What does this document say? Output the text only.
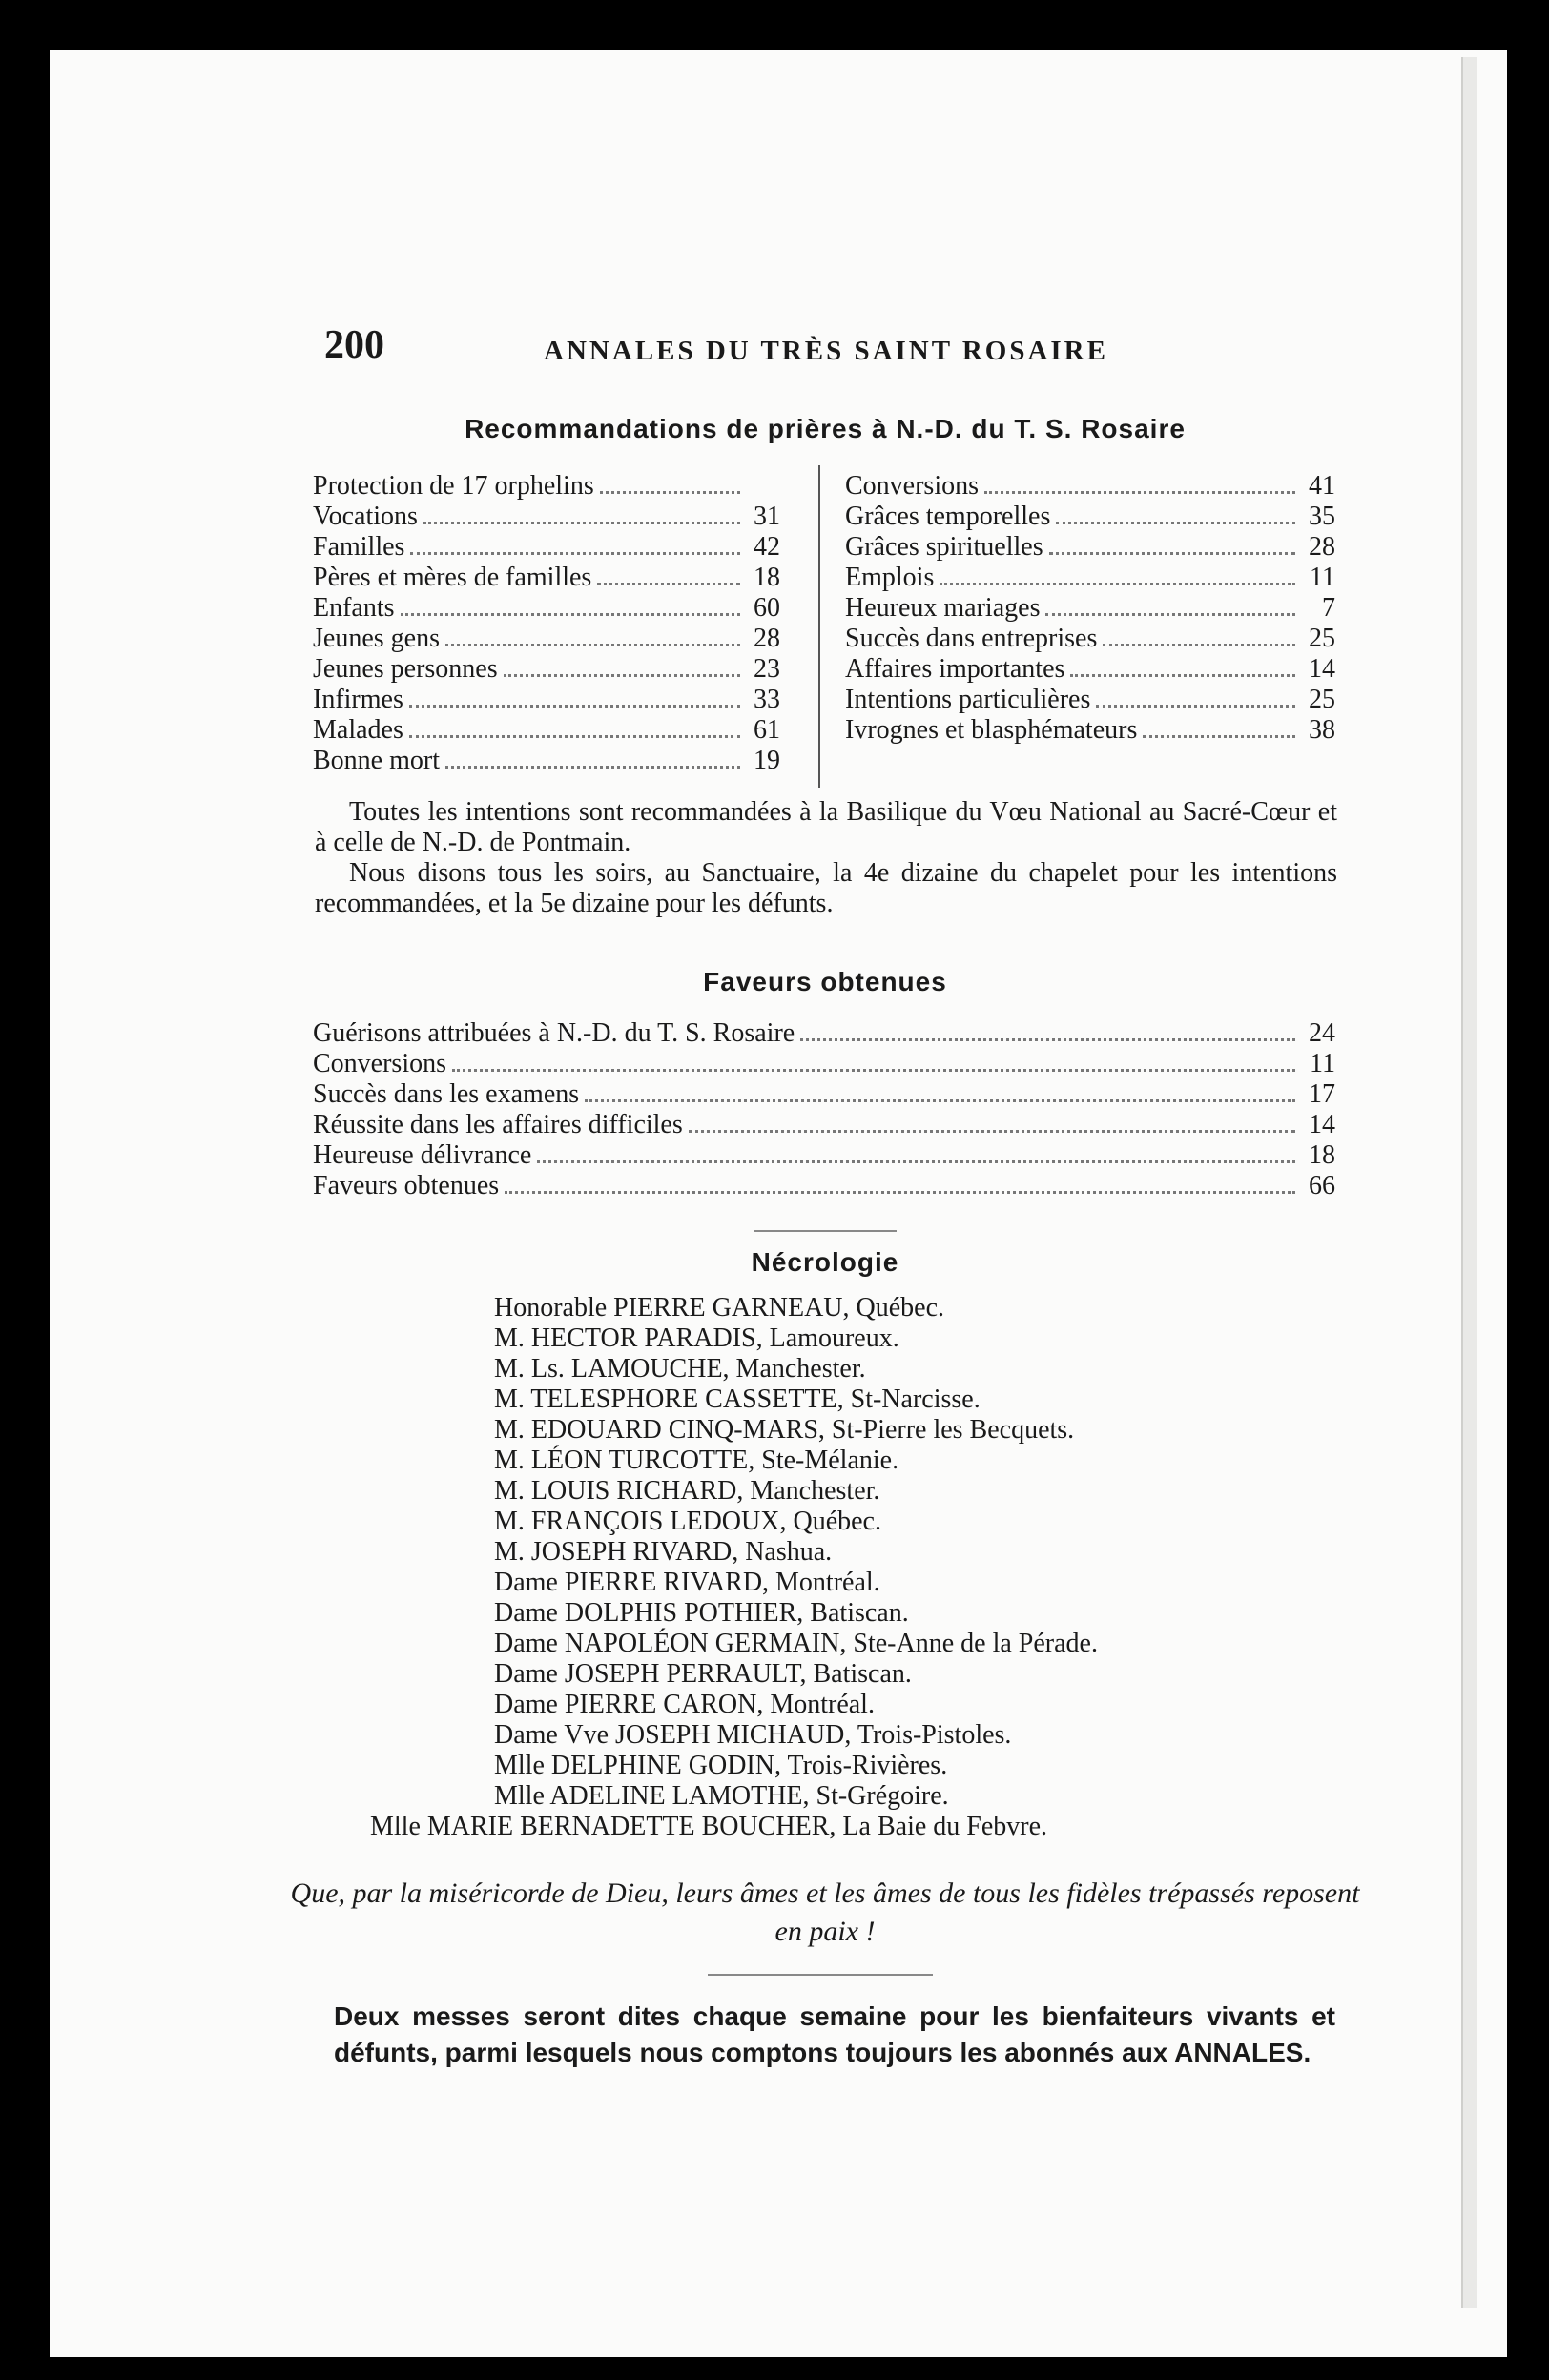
200	ANNALES DU TRÈS SAINT ROSAIRE
Recommandations de prières à N.-D. du T. S. Rosaire
Protection de 17 orphelins
Vocations	31
Familles	42
Pères et mères de familles	18
Enfants	60
Jeunes gens	28
Jeunes personnes	23
Infirmes	33
Malades	61
Bonne mort	19
Conversions	41
Grâces temporelles	35
Grâces spirituelles	28
Emplois	11
Heureux mariages	7
Succès dans entreprises	25
Affaires importantes	14
Intentions particulières	25
Ivrognes et blasphémateurs	38
Toutes les intentions sont recommandées à la Basilique du Vœu National au Sacré-Cœur et à celle de N.-D. de Pontmain.
Nous disons tous les soirs, au Sanctuaire, la 4e dizaine du chapelet pour les intentions recommandées, et la 5e dizaine pour les défunts.
Faveurs obtenues
Guérisons attribuées à N.-D. du T. S. Rosaire	24
Conversions	11
Succès dans les examens	17
Réussite dans les affaires difficiles	14
Heureuse délivrance	18
Faveurs obtenues	66
Nécrologie
Honorable PIERRE GARNEAU, Québec.
M. HECTOR PARADIS, Lamoureux.
M. Ls. LAMOUCHE, Manchester.
M. TELESPHORE CASSETTE, St-Narcisse.
M. EDOUARD CINQ-MARS, St-Pierre les Becquets.
M. LÉON TURCOTTE, Ste-Mélanie.
M. LOUIS RICHARD, Manchester.
M. FRANÇOIS LEDOUX, Québec.
M. JOSEPH RIVARD, Nashua.
Dame PIERRE RIVARD, Montréal.
Dame DOLPHIS POTHIER, Batiscan.
Dame NAPOLÉON GERMAIN, Ste-Anne de la Pérade.
Dame JOSEPH PERRAULT, Batiscan.
Dame PIERRE CARON, Montréal.
Dame Vve JOSEPH MICHAUD, Trois-Pistoles.
Mlle DELPHINE GODIN, Trois-Rivières.
Mlle ADELINE LAMOTHE, St-Grégoire.
Mlle MARIE BERNADETTE BOUCHER, La Baie du Febvre.
Que, par la miséricorde de Dieu, leurs âmes et les âmes de tous les fidèles trépassés reposent en paix !
Deux messes seront dites chaque semaine pour les bienfaiteurs vivants et défunts, parmi lesquels nous comptons toujours les abonnés aux ANNALES.
